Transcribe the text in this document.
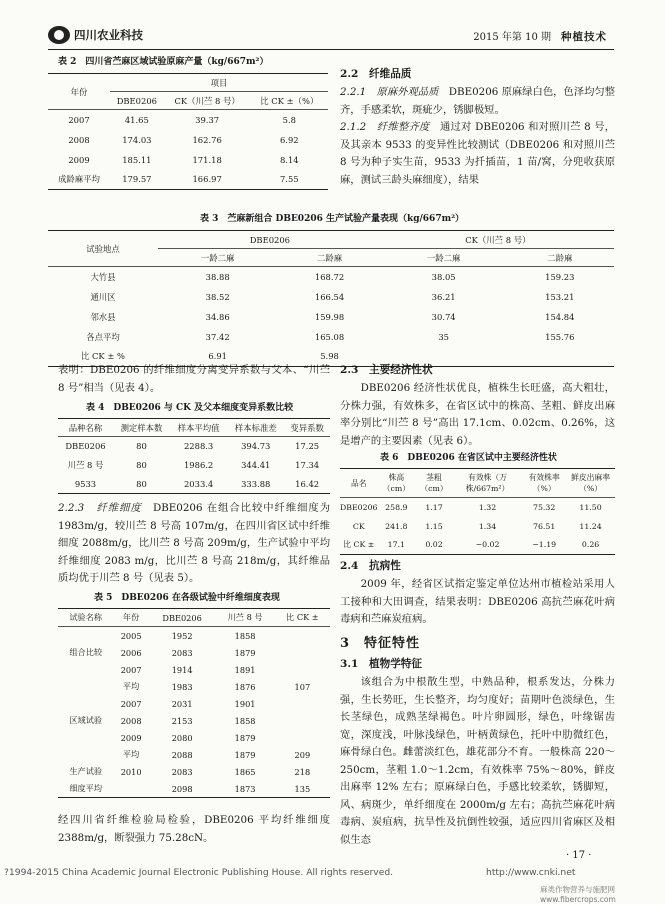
四川农业科技	2015 年第 10 期 种植技术
表 2　四川省苎麻区域试验原麻产量（kg/667m²）
年份	项目		
	DBE0206	CK（川苎 8 号）	比 CK ±（%）
2007	41.65	39.37	5.8
2008	174.03	162.76	6.92
2009	185.11	171.18	8.14
成龄麻平均	179.57	166.97	7.55
2.2　纤维品质
2.2.1　原麻外观品质　 DBE0206 原麻绿白色，色泽均匀整齐，手感柔软，斑疵少，锈脚极短。
2.1.2　纤维整齐度　 通过对 DBE0206 和对照川苎 8 号，及其亲本 9533 的变异性比较测试（DBE0206 和对照川苎 8 号为种子实生苗，9533 为扦插苗，1 苗/窝，分兜收获原麻，测试三龄头麻细度），结果
表 3　苎麻新组合 DBE0206 生产试验产量表现（kg/667m²）
试验地点	DBE0206		CK（川苎 8 号）	
	一龄二麻	二龄麻	一龄二麻	二龄麻
大竹县	38.88	168.72	38.05	159.23
通川区	38.52	166.54	36.21	153.21
邻水县	34.86	159.98	30.74	154.84
各点平均	37.42	165.08	35	155.76
比 CK ± %	6.91	5.98		
表明：DBE0206 的纤维细度分离变异系数与父本、“川苎 8 号”相当（见表 4）。
表 4　DBE0206 与 CK 及父本细度变异系数比较
品种名称	测定样本数	样本平均值	样本标准差	变异系数
DBE0206	80	2288.3	394.73	17.25
川苎 8 号	80	1986.2	344.41	17.34
9533	80	2033.4	333.88	16.42
2.2.3　纤维细度　 DBE0206 在组合比较中纤维细度为 1983m/g，较川苎 8 号高 107m/g，在四川省区试中纤维细度 2088m/g，比川苎 8 号高 209m/g，生产试验中平均纤维细度 2083 m/g，比川苎 8 号高 218m/g，其纤维品质均优于川苎 8 号（见表 5）。
表 5　DBE0206 在各级试验中纤维细度表现
试验名称	年份	DBE0206	川苎 8 号	比 CK ±
	2005	1952	1858	
组合比较	2006	2083	1879	
	2007	1914	1891	
	平均	1983	1876	107
	2007	2031	1901	
区域试验	2008	2153	1858	
	2009	2080	1879	
	平均	2088	1879	209
生产试验	2010	2083	1865	218
细度平均		2098	1873	135
经四川省纤维检验局检验，DBE0206 平均纤维细度 2388m/g，断裂强力 75.28cN。
2.3　主要经济性状
DBE0206 经济性状优良，植株生长旺盛，高大粗壮，分株力强，有效株多，在省区试中的株高、茎粗、鲜皮出麻率分别比“川苎 8 号”高出 17.1cm、0.02cm、0.26%，这是增产的主要因素（见表 6）。
表 6　DBE0206 在省区试中主要经济性状
品名	株高（cm）	茎粗（cm）	有效株（万株/667m²）	有效株率（%）	鲜皮出麻率（%）
DBE0206	258.9	1.17	1.32	75.32	11.50
CK	241.8	1.15	1.34	76.51	11.24
比 CK ±	17.1	0.02	−0.02	−1.19	0.26
2.4　抗病性
2009 年，经省区试指定鉴定单位达州市植检站采用人工接种和大田调查，结果表明：DBE0206 高抗苎麻花叶病毒病和苎麻炭疽病。
3　特征特性
3.1　植物学特征
该组合为中根散生型，中熟品种，根系发达，分株力强，生长势旺，生长整齐，均匀度好；苗期叶色淡绿色，生长茎绿色，成熟茎绿褐色。叶片卵圆形，绿色，叶缘锯齿宽，深度浅，叶脉浅绿色，叶柄黄绿色，托叶中肋微红色，麻骨绿白色。雌蕾淡红色，雄花部分不育。一般株高 220～250cm，茎粗 1.0～1.2cm，有效株率 75%～80%，鲜皮出麻率 12% 左右；原麻绿白色，手感比较柔软，锈脚短，风、病斑少，单纤细度在 2000m/g 左右；高抗苎麻花叶病毒病、炭疽病，抗旱性及抗倒性较强，适应四川省麻区及相似生态
· 17 ·
?1994-2015 China Academic Journal Electronic Publishing House. All rights reserved.	http://www.cnki.net
麻类作物营养与施肥网 www.fibercrops.com
